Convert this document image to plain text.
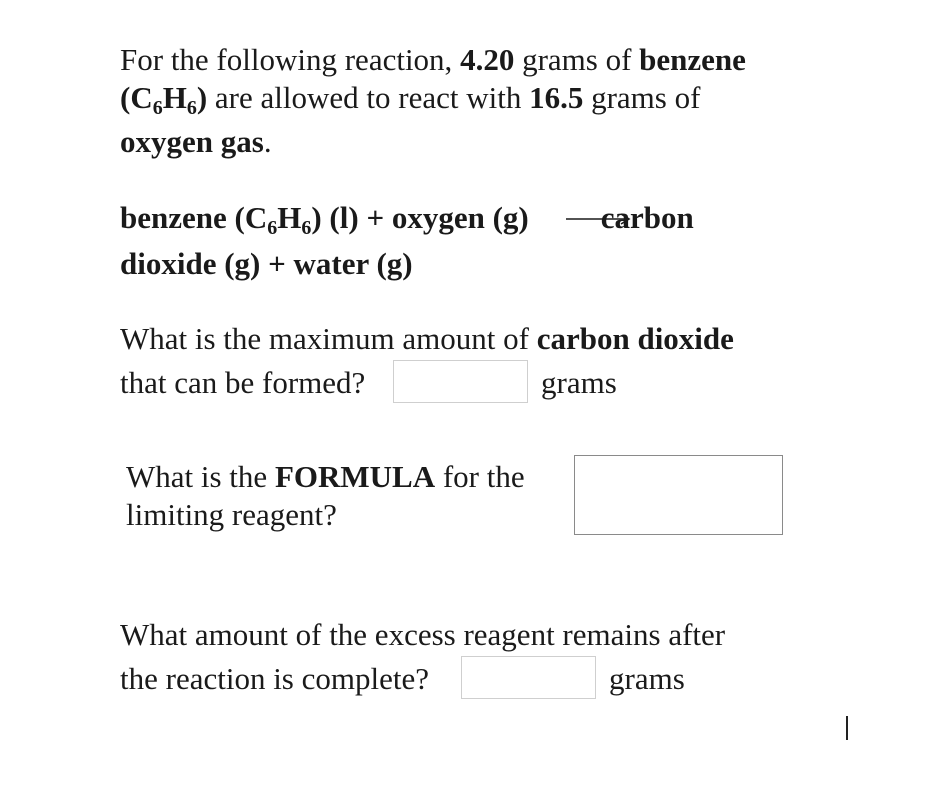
For the following reaction, 4.20 grams of benzene
$(C_6H_6)$ are allowed to react with 16.5 grams of
oxygen gas.
benzene $(C_6H_6) (l)$ + oxygen (g) carbon
dioxide (g) + water (g)
What is the maximum amount of carbon dioxide
that can be formed?	grams
What is the FORMULA for the
limiting reagent?
What amount of the excess reagent remains after
the reaction is complete?	grams
